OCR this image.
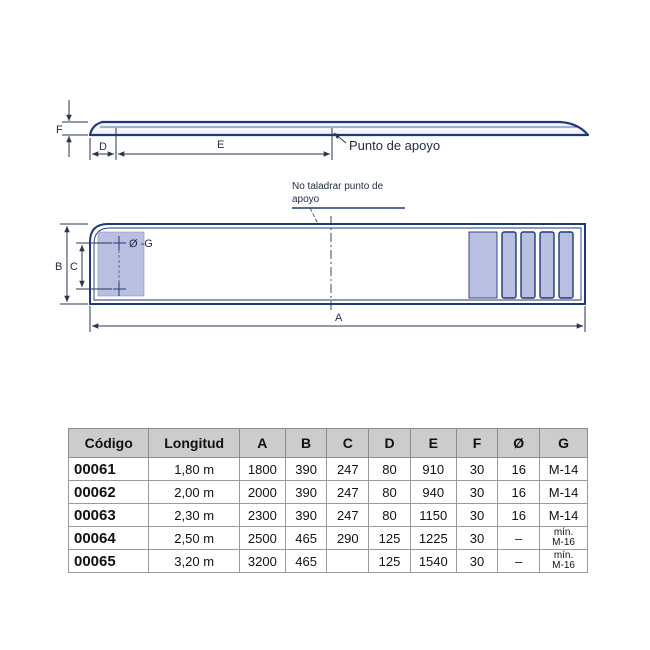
F
D	E	Punto de apoyo
No taladrar punto de
apoyo
Ø -G
B C
A
Código	Longitud	A	B	C	D	E	F	Ø	G
00061	1,80 m	1800	390	247	80	910	30	16	M-14
00062	2,00 m	2000	390	247	80	940	30	16	M-14
00063	2,30 m	2300	390	247	80	1150	30	16	M-14
00064	2,50 m	2500	465	290	125	1225	30	–	mín.
M-16

00065	3,20 m	3200	465		125	1540	30	–	mín.
M-16
